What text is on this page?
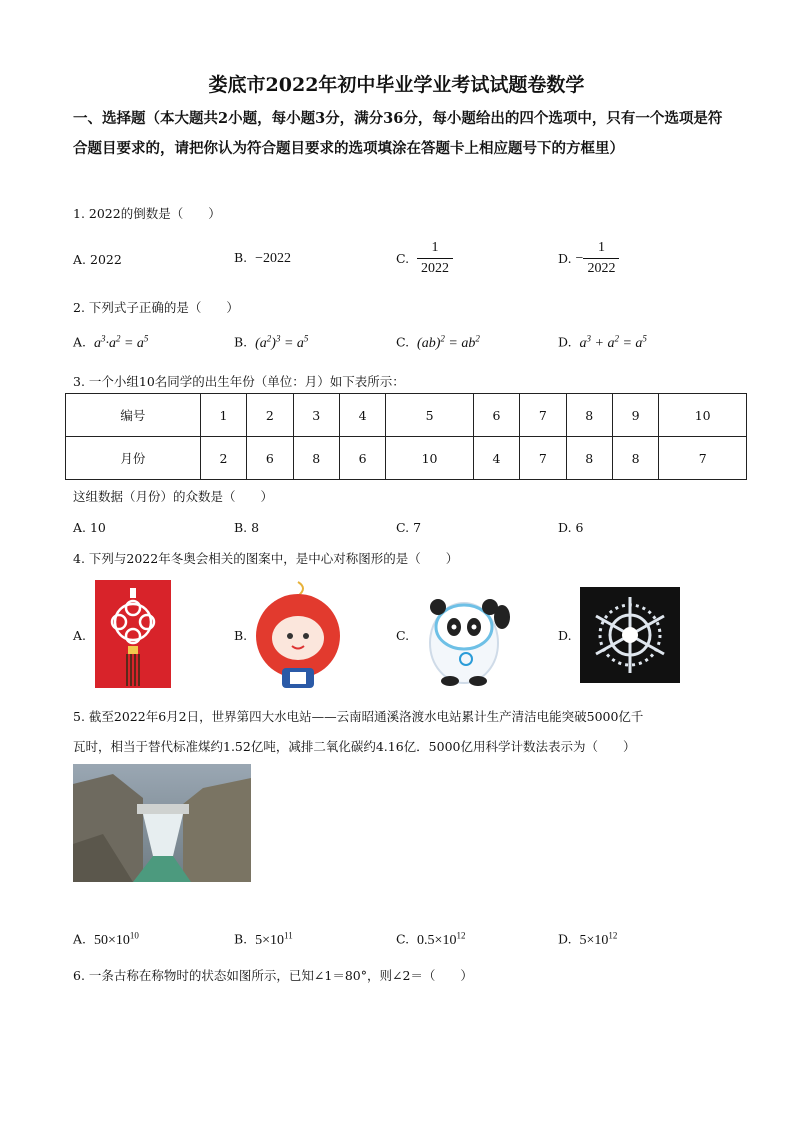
娄底市2022年初中毕业学业考试试题卷数学
一、选择题（本大题共2小题，每小题3分，满分36分，每小题给出的四个选项中，只有一个选项是符合题目要求的，请把你认为符合题目要求的选项填涂在答题卡上相应题号下的方框里）
1. 2022的倒数是（　　）
A. 2022	B. −2022	C.
$\frac{1}{2022}$	D.
− $\frac{1}{2022}$
2. 下列式子正确的是（　　）
A. $a^3\cdot a^2 = a^5$	B. $(a^2)^3 = a^5$	C. $(ab)^2 = ab^2$	D. $a^3 + a^2 = a^5$
3. 一个小组10名同学的出生年份（单位：月）如下表所示：
编号	1	2	3	4	5	6	7	8	9	10
月份	2	6	8	6	10	4	7	8	8	7
这组数据（月份）的众数是（　　）
A. 10	B. 8	C. 7	D. 6
4. 下列与2022年冬奥会相关的图案中，是中心对称图形的是（　　）
A.	B.	C.	D.
5. 截至2022年6月2日，世界第四大水电站——云南昭通溪洛渡水电站累计生产清洁电能突破5000亿千
瓦时，相当于替代标准煤约1.52亿吨，减排二氧化碳约4.16亿．5000亿用科学计数法表示为（　　）
A. $50\times 10^{10}$	B. $5\times 10^{11}$	C. $0.5\times 10^{12}$	D. $5\times 10^{12}$
6. 一条古称在称物时的状态如图所示，已知∠1＝80°，则∠2＝（　　）
